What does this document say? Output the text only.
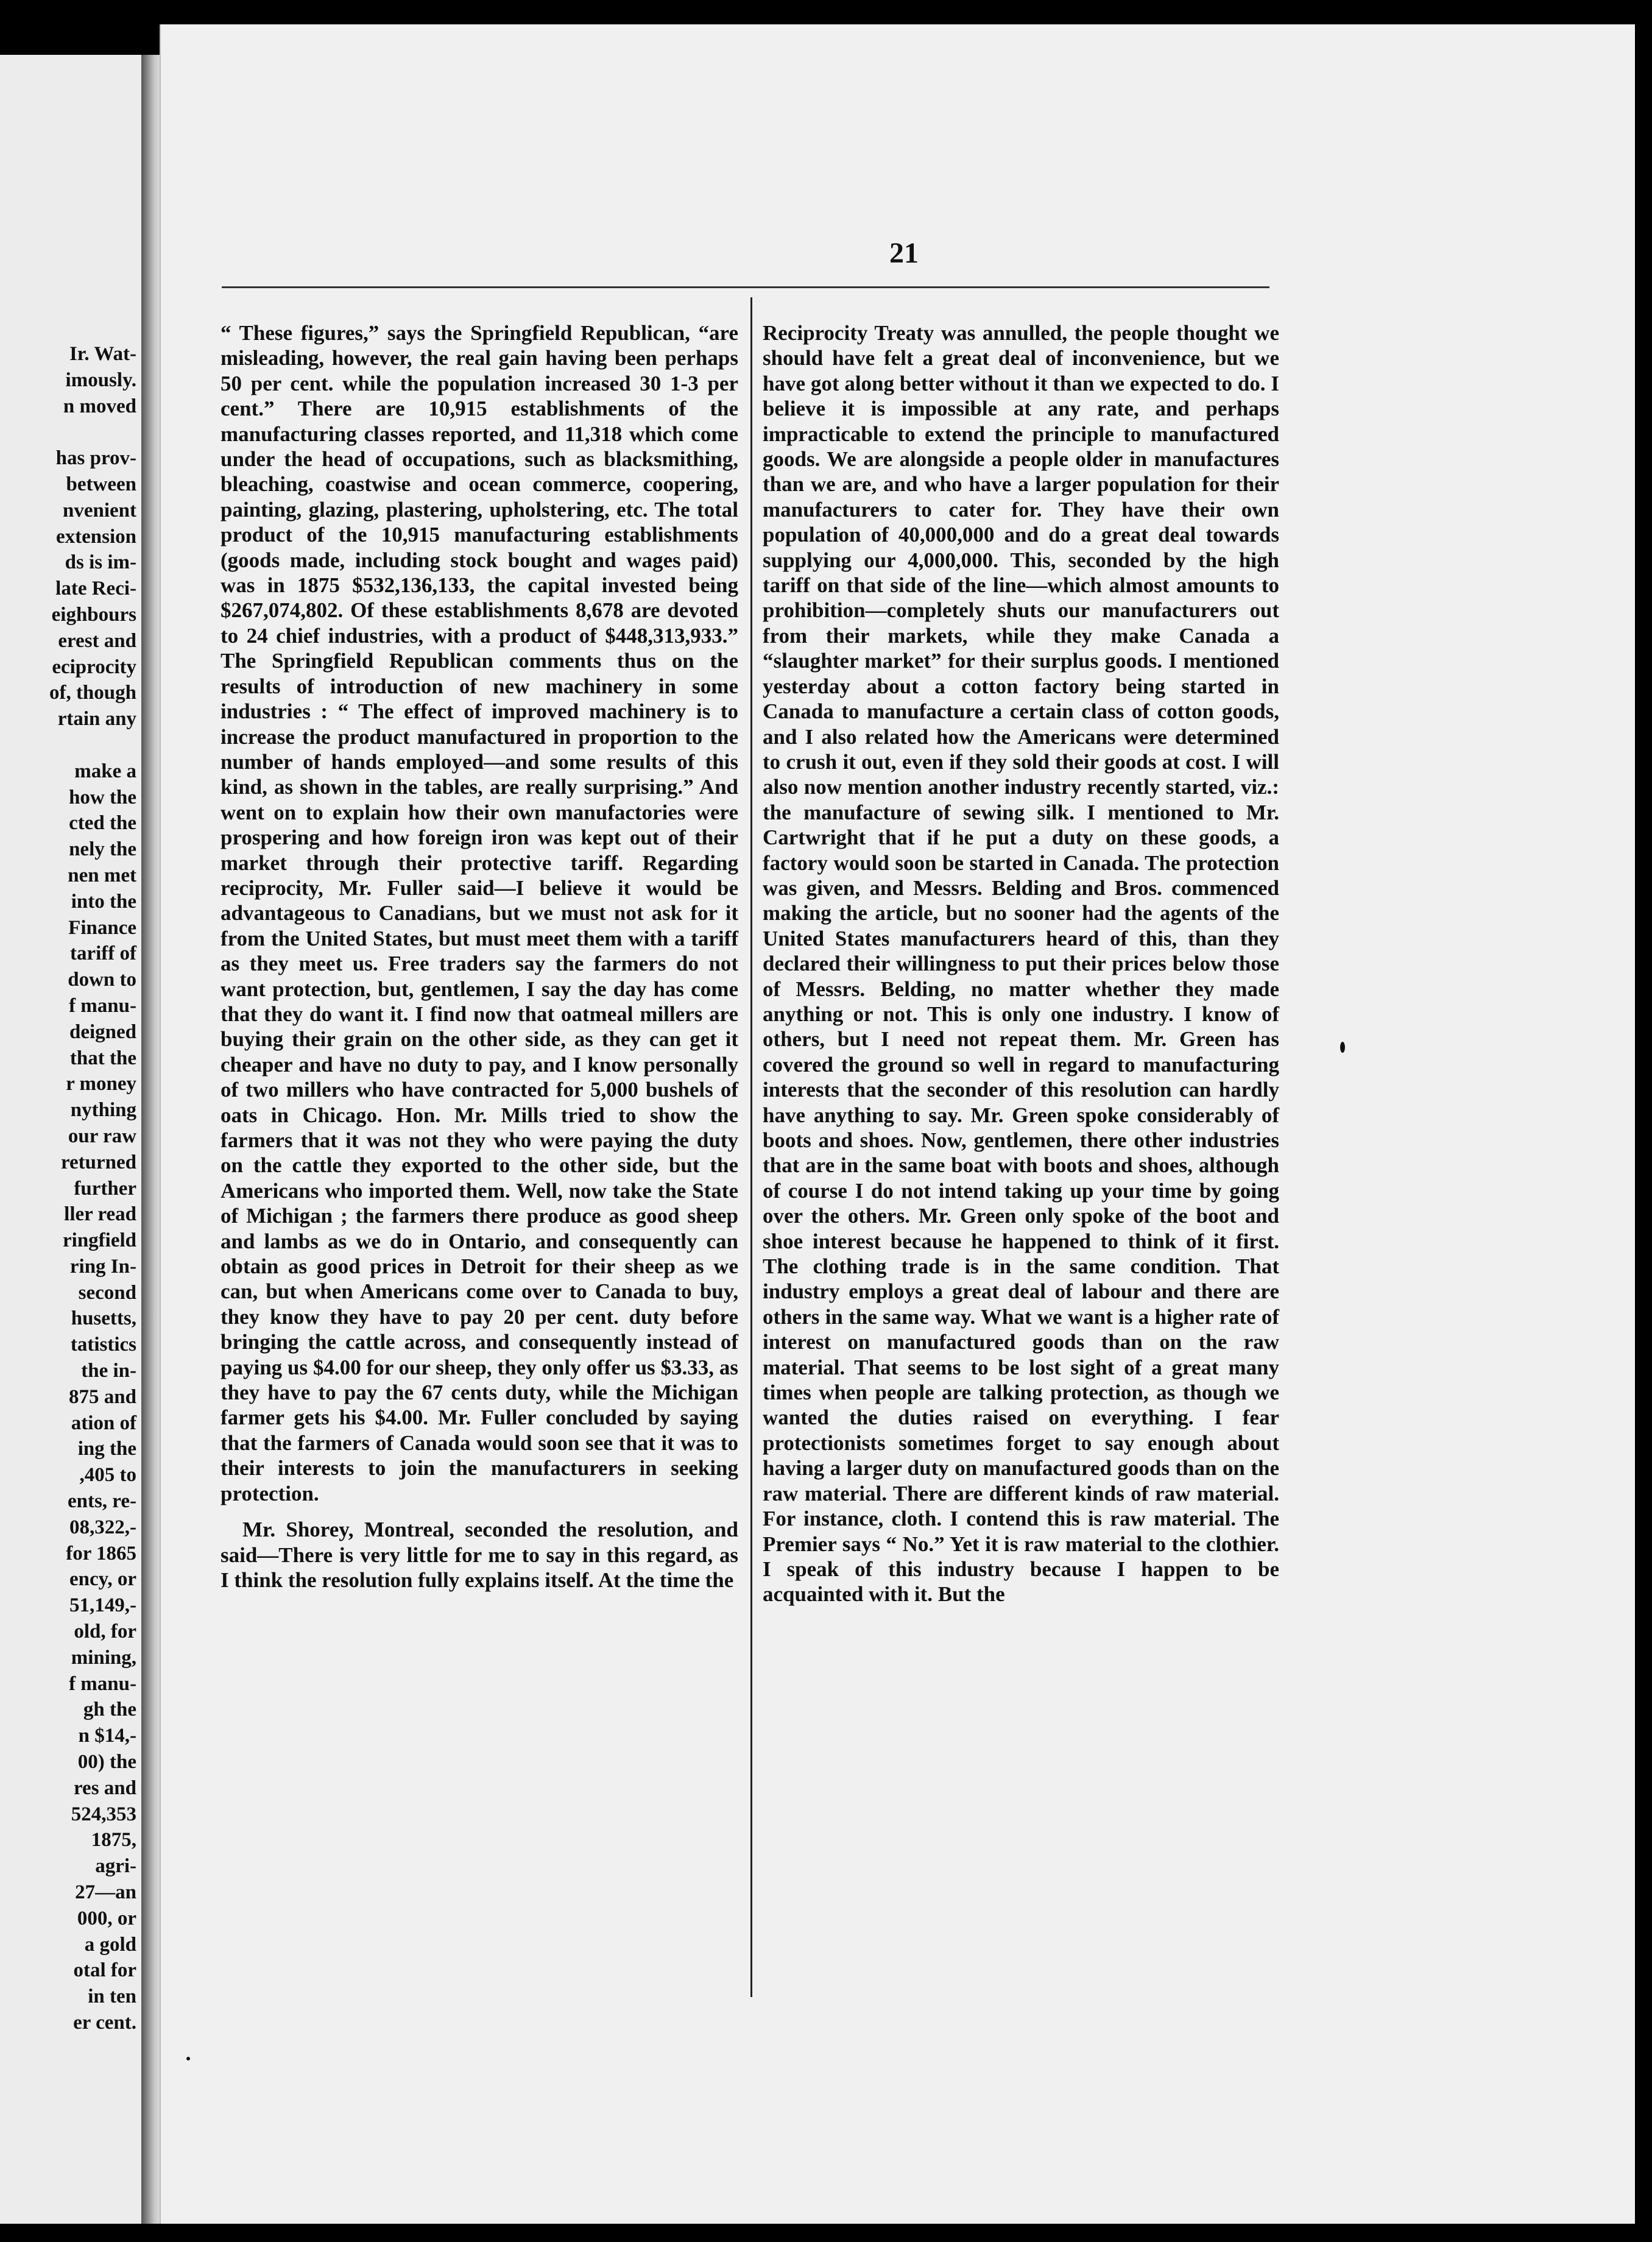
Ir. Wat-
imously.
n moved

has prov-
between
nvenient
extension
ds is im-
late Reci-
eighbours
erest and
eciprocity
of, though
rtain any

make a
how the
cted the
nely the
nen met
into the
Finance
tariff of
down to
f manu-
deigned
that the
r money
nything
our raw
returned
further
ller read
ringfield
ring In-
second
husetts,
tatistics
the in-
875 and
ation of
ing the
,405 to
ents, re-
08,322,-
for 1865
ency, or
51,149,-
old, for
mining,
f manu-
gh the
n $14,-
00) the
res and
524,353
1875,
agri-
27—an
000, or
a gold
otal for
in ten
er cent.
21

“ These figures,” says the Springfield Republican, “are misleading, however, the real gain having been perhaps 50 per cent. while the population increased 30 1-3 per cent.” There are 10,915 establishments of the manufacturing classes reported, and 11,318 which come under the head of occupations, such as blacksmithing, bleaching, coastwise and ocean commerce, coopering, painting, glazing, plastering, upholstering, etc. The total product of the 10,915 manufacturing establishments (goods made, including stock bought and wages paid) was in 1875 $532,136,133, the capital invested being $267,074,802. Of these establishments 8,678 are devoted to 24 chief industries, with a product of $448,313,933.” The Springfield Republican comments thus on the results of introduction of new machinery in some industries : “ The effect of improved machinery is to increase the product manufactured in proportion to the number of hands employed—and some results of this kind, as shown in the tables, are really surprising.” And went on to explain how their own manufactories were prospering and how foreign iron was kept out of their market through their protective tariff. Regarding reciprocity, Mr. Fuller said—I believe it would be advantageous to Canadians, but we must not ask for it from the United States, but must meet them with a tariff as they meet us. Free traders say the farmers do not want protection, but, gentlemen, I say the day has come that they do want it. I find now that oatmeal millers are buying their grain on the other side, as they can get it cheaper and have no duty to pay, and I know personally of two millers who have contracted for 5,000 bushels of oats in Chicago. Hon. Mr. Mills tried to show the farmers that it was not they who were paying the duty on the cattle they exported to the other side, but the Americans who imported them. Well, now take the State of Michigan ; the farmers there produce as good sheep and lambs as we do in Ontario, and consequently can obtain as good prices in Detroit for their sheep as we can, but when Americans come over to Canada to buy, they know they have to pay 20 per cent. duty before bringing the cattle across, and consequently instead of paying us $4.00 for our sheep, they only offer us $3.33, as they have to pay the 67 cents duty, while the Michigan farmer gets his $4.00. Mr. Fuller concluded by saying that the farmers of Canada would soon see that it was to their interests to join the manufacturers in seeking protection.

Mr. Shorey, Montreal, seconded the resolution, and said—There is very little for me to say in this regard, as I think the resolution fully explains itself. At the time the

Reciprocity Treaty was annulled, the people thought we should have felt a great deal of inconvenience, but we have got along better without it than we expected to do. I believe it is impossible at any rate, and perhaps impracticable to extend the principle to manufactured goods. We are alongside a people older in manufactures than we are, and who have a larger population for their manufacturers to cater for. They have their own population of 40,000,000 and do a great deal towards supplying our 4,000,000. This, seconded by the high tariff on that side of the line—which almost amounts to prohibition—completely shuts our manufacturers out from their markets, while they make Canada a “slaughter market” for their surplus goods. I mentioned yesterday about a cotton factory being started in Canada to manufacture a certain class of cotton goods, and I also related how the Americans were determined to crush it out, even if they sold their goods at cost. I will also now mention another industry recently started, viz.: the manufacture of sewing silk. I mentioned to Mr. Cartwright that if he put a duty on these goods, a factory would soon be started in Canada. The protection was given, and Messrs. Belding and Bros. commenced making the article, but no sooner had the agents of the United States manufacturers heard of this, than they declared their willingness to put their prices below those of Messrs. Belding, no matter whether they made anything or not. This is only one industry. I know of others, but I need not repeat them. Mr. Green has covered the ground so well in regard to manufacturing interests that the seconder of this resolution can hardly have anything to say. Mr. Green spoke considerably of boots and shoes. Now, gentlemen, there other industries that are in the same boat with boots and shoes, although of course I do not intend taking up your time by going over the others. Mr. Green only spoke of the boot and shoe interest because he happened to think of it first. The clothing trade is in the same condition. That industry employs a great deal of labour and there are others in the same way. What we want is a higher rate of interest on manufactured goods than on the raw material. That seems to be lost sight of a great many times when people are talking protection, as though we wanted the duties raised on everything. I fear protectionists sometimes forget to say enough about having a larger duty on manufactured goods than on the raw material. There are different kinds of raw material. For instance, cloth. I contend this is raw material. The Premier says “ No.” Yet it is raw material to the clothier. I speak of this industry because I happen to be acquainted with it. But the
